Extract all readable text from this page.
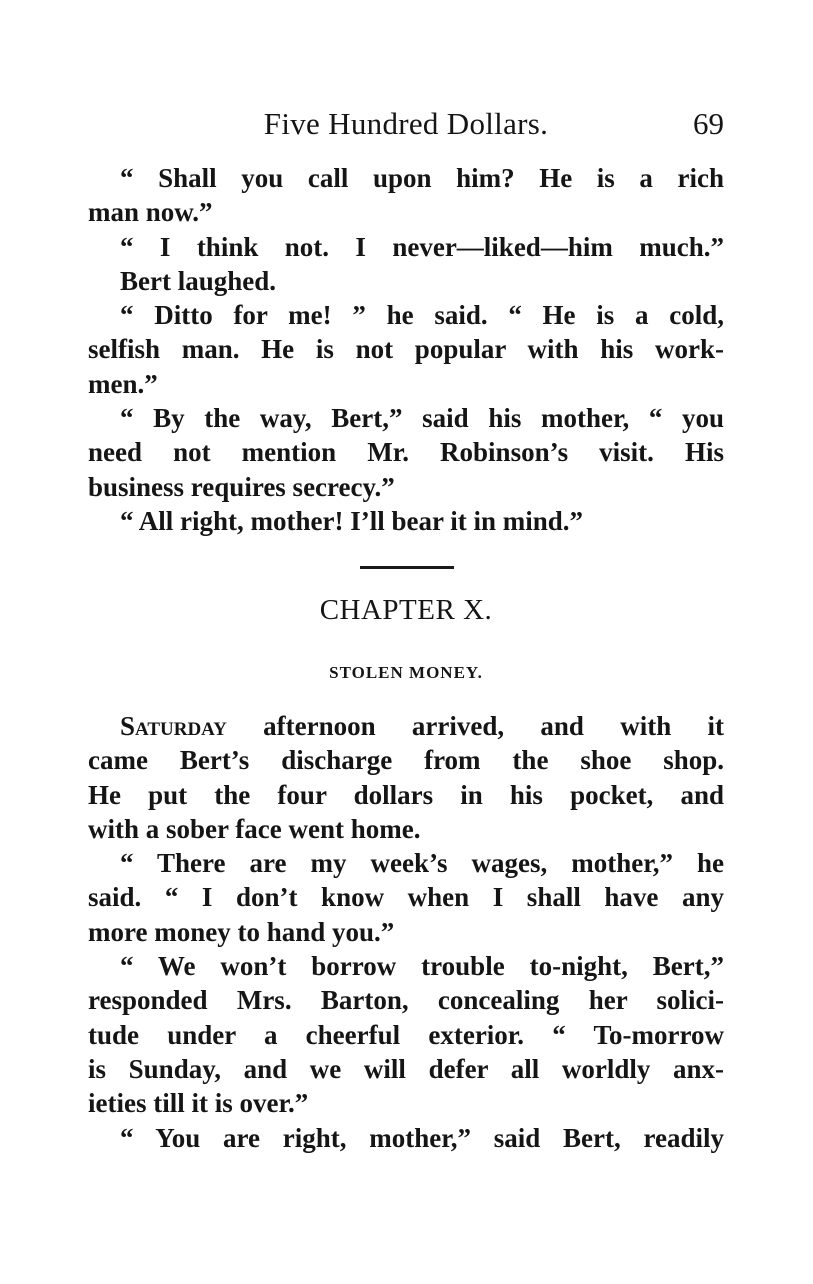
Five Hundred Dollars.	69
“ Shall you call upon him? He is a rich
man now.”
“ I think not. I never—liked—him much.”
Bert laughed.
“ Ditto for me! ” he said. “ He is a cold,
selfish man. He is not popular with his work-
men.”
“ By the way, Bert,” said his mother, “ you
need not mention Mr. Robinson’s visit. His
business requires secrecy.”
“ All right, mother! I’ll bear it in mind.”
CHAPTER X.
STOLEN MONEY.
Saturday afternoon arrived, and with it
came Bert’s discharge from the shoe shop.
He put the four dollars in his pocket, and
with a sober face went home.
“ There are my week’s wages, mother,” he
said. “ I don’t know when I shall have any
more money to hand you.”
“ We won’t borrow trouble to-night, Bert,”
responded Mrs. Barton, concealing her solici-
tude under a cheerful exterior. “ To-morrow
is Sunday, and we will defer all worldly anx-
ieties till it is over.”
“ You are right, mother,” said Bert, readily
